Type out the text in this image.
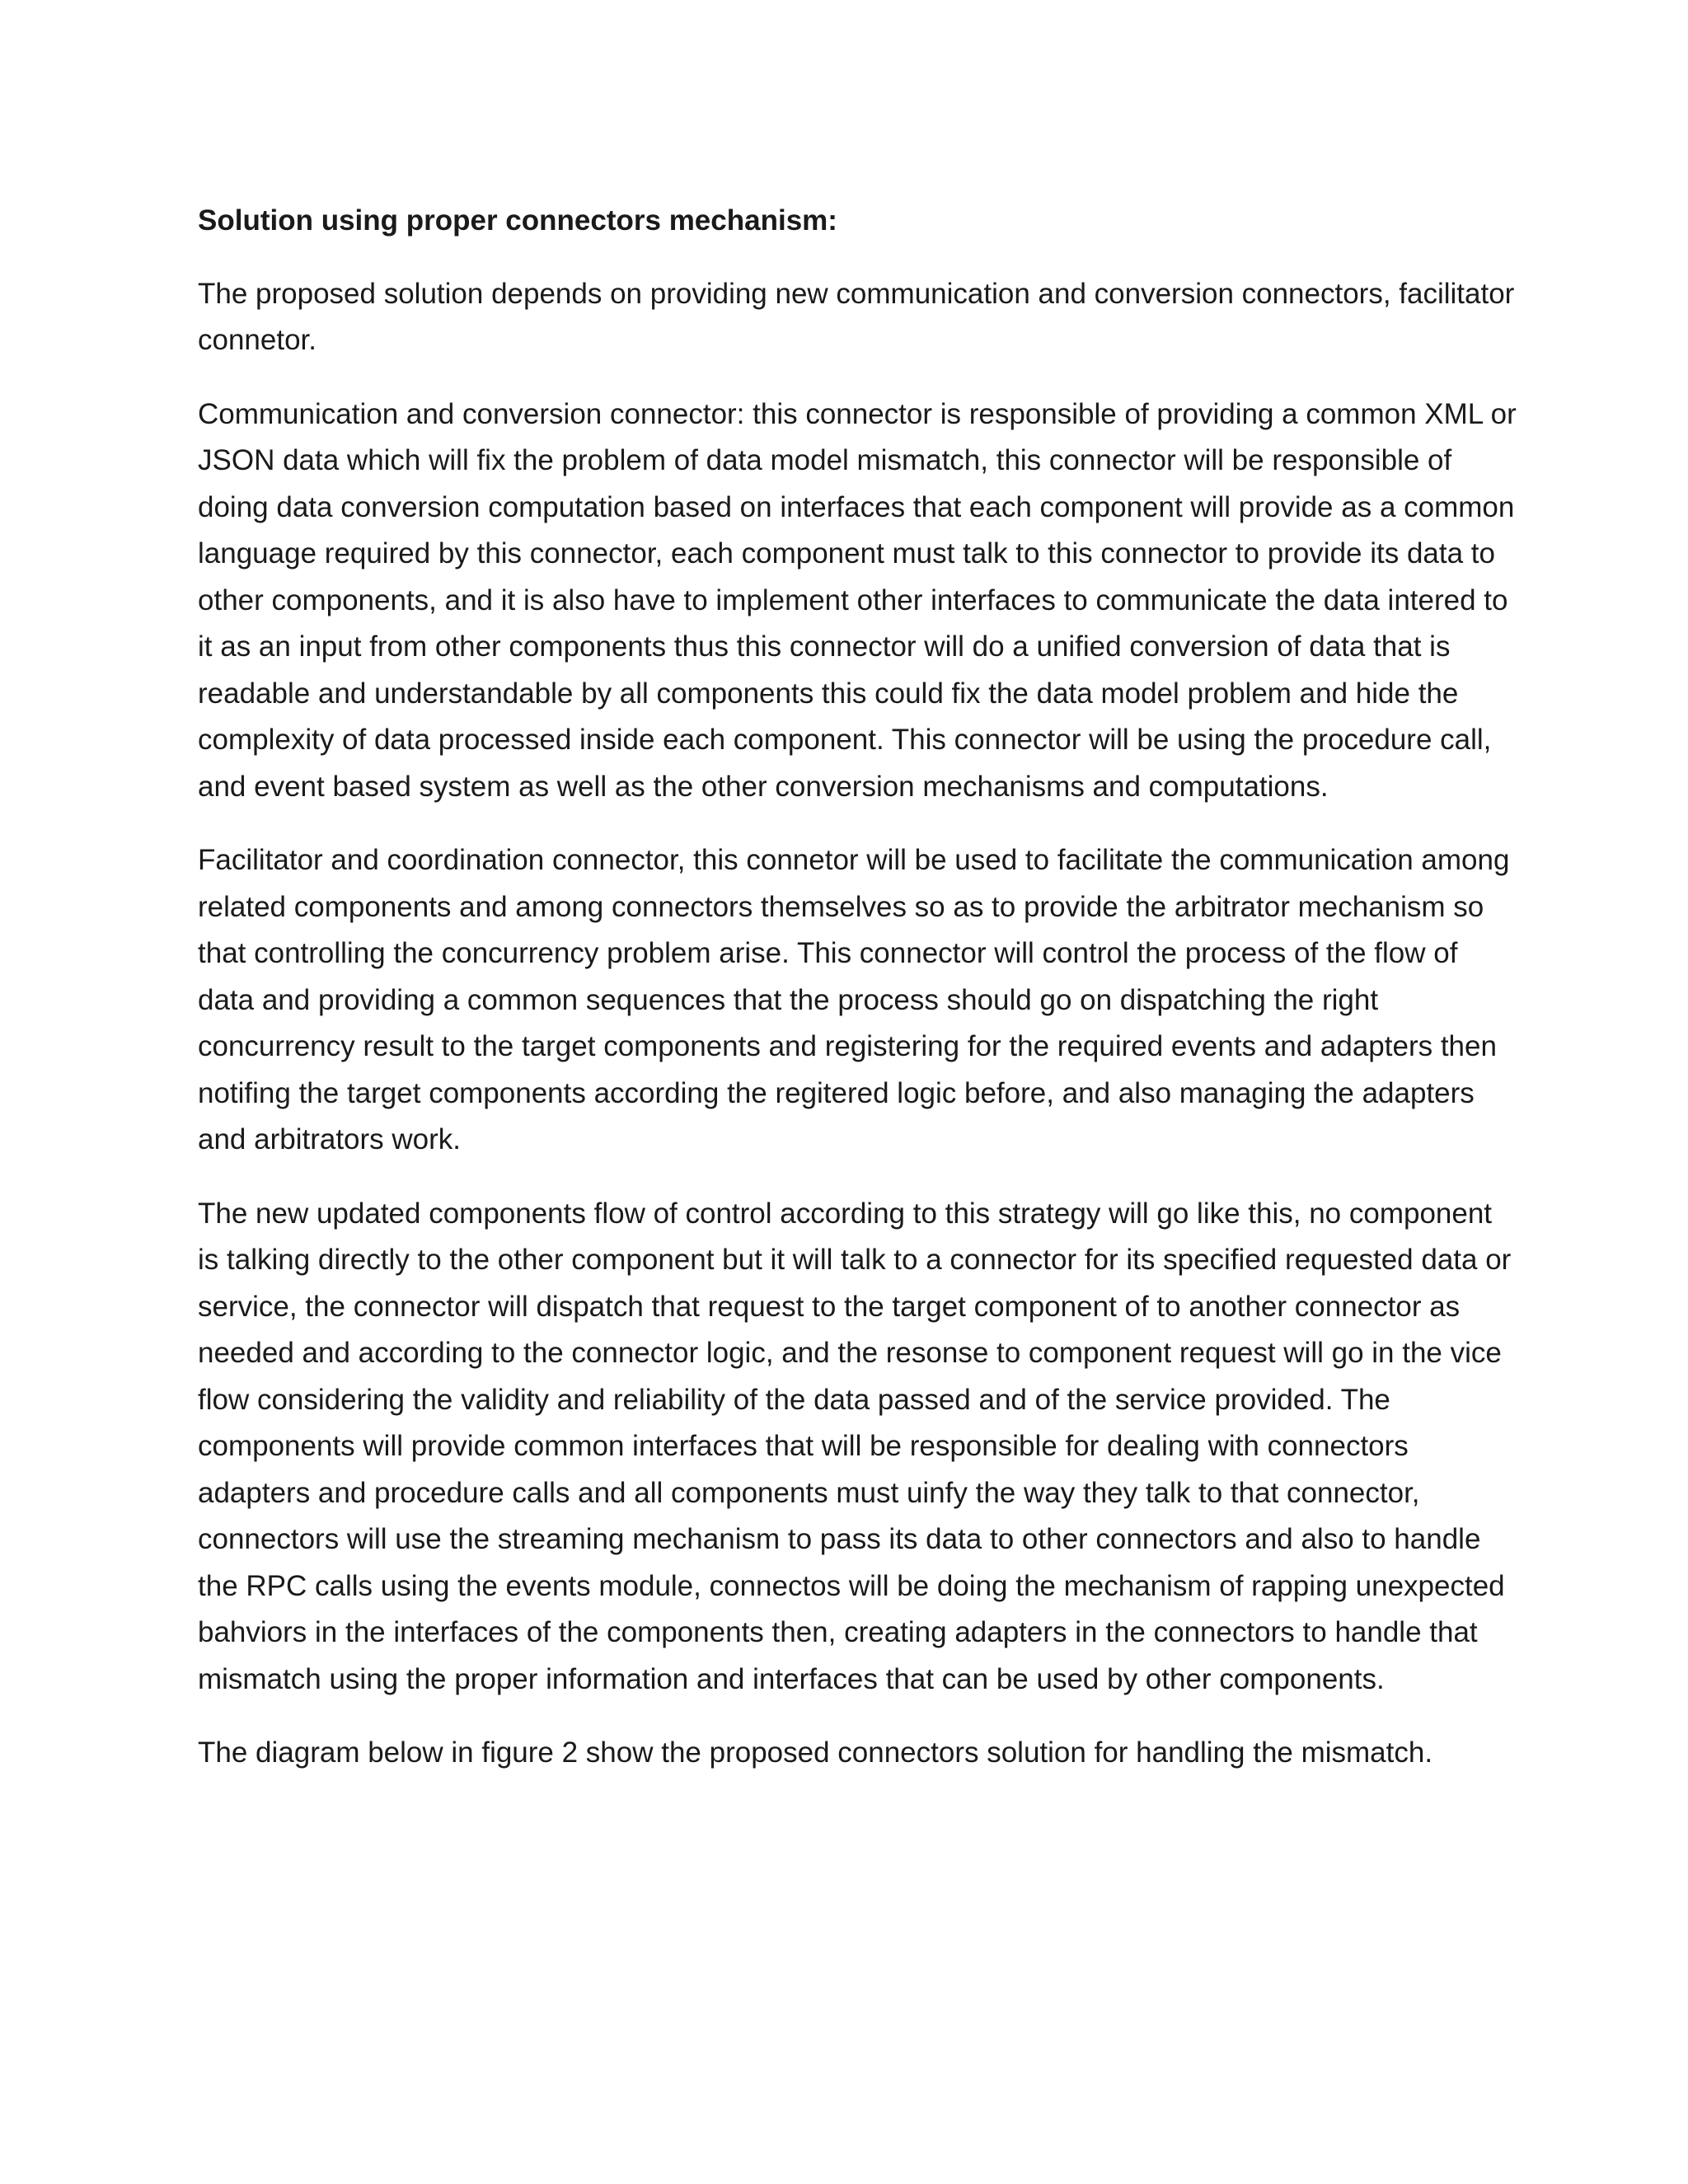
Solution using proper connectors mechanism:

The proposed solution depends on providing new communication and conversion connectors, facilitator connetor.

Communication and conversion connector: this connector is responsible of providing a common XML or JSON data which will fix the problem of data model mismatch, this connector will be responsible of doing data conversion computation based on interfaces that each component will provide as a common language required by this connector, each component must talk to this connector to provide its data to other components, and it is also have to implement other interfaces to communicate the data intered to it as an input from other components thus this connector will do a unified conversion of data that is readable and understandable by all components this could fix the data model problem and hide the complexity of data processed inside each component. This connector will be using the procedure call, and event based system as well as the other conversion mechanisms and computations.

Facilitator and coordination connector, this connetor will be used to facilitate the communication among related components and among connectors themselves so as to provide the arbitrator mechanism so that controlling the concurrency problem arise. This connector will control the process of the flow of data and providing a common sequences that the process should go on dispatching the right concurrency result to the target components and registering for the required events and adapters then notifing the target components according the regitered logic before, and also managing the adapters and arbitrators work.

The new updated components flow of control according to this strategy will go like this, no component is talking directly to the other component but it will talk to a connector for its specified requested data or service, the connector will dispatch that request to the target component of to another connector as needed and according to the connector logic, and the resonse to component request will go in the vice flow considering the validity and reliability of the data passed and of the service provided. The components will provide common interfaces that will be responsible for dealing with connectors adapters and procedure calls and all components must uinfy the way they talk to that connector, connectors will use the streaming mechanism to pass its data to other connectors and also to handle the RPC calls using the events module, connectos will be doing the mechanism of rapping unexpected bahviors in the interfaces of the components then, creating adapters in the connectors to handle that mismatch using the proper information and interfaces that can be used by other components.

The diagram below in figure 2 show the proposed connectors solution for handling the mismatch.
